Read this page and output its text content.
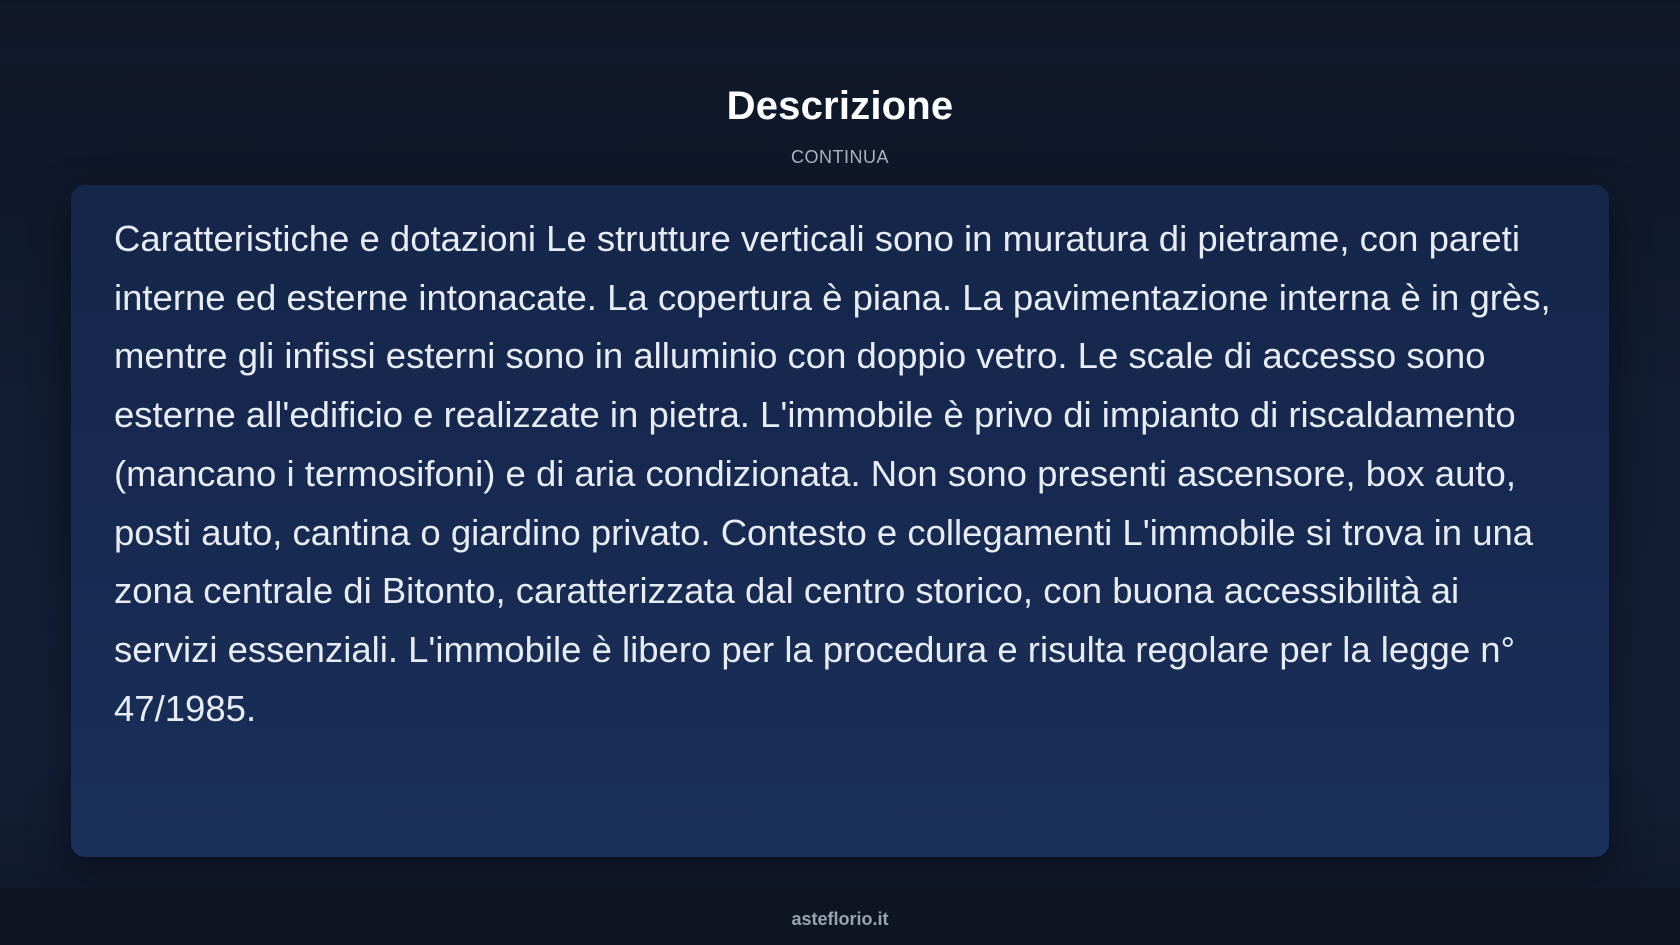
Descrizione
CONTINUA

Caratteristiche e dotazioni Le strutture verticali sono in muratura di pietrame, con pareti interne ed esterne intonacate. La copertura è piana. La pavimentazione interna è in grès, mentre gli infissi esterni sono in alluminio con doppio vetro. Le scale di accesso sono esterne all'edificio e realizzate in pietra. L'immobile è privo di impianto di riscaldamento (mancano i termosifoni) e di aria condizionata. Non sono presenti ascensore, box auto, posti auto, cantina o giardino privato. Contesto e collegamenti L'immobile si trova in una zona centrale di Bitonto, caratterizzata dal centro storico, con buona accessibilità ai servizi essenziali. L'immobile è libero per la procedura e risulta regolare per la legge n° 47/1985.

asteflorio.it
